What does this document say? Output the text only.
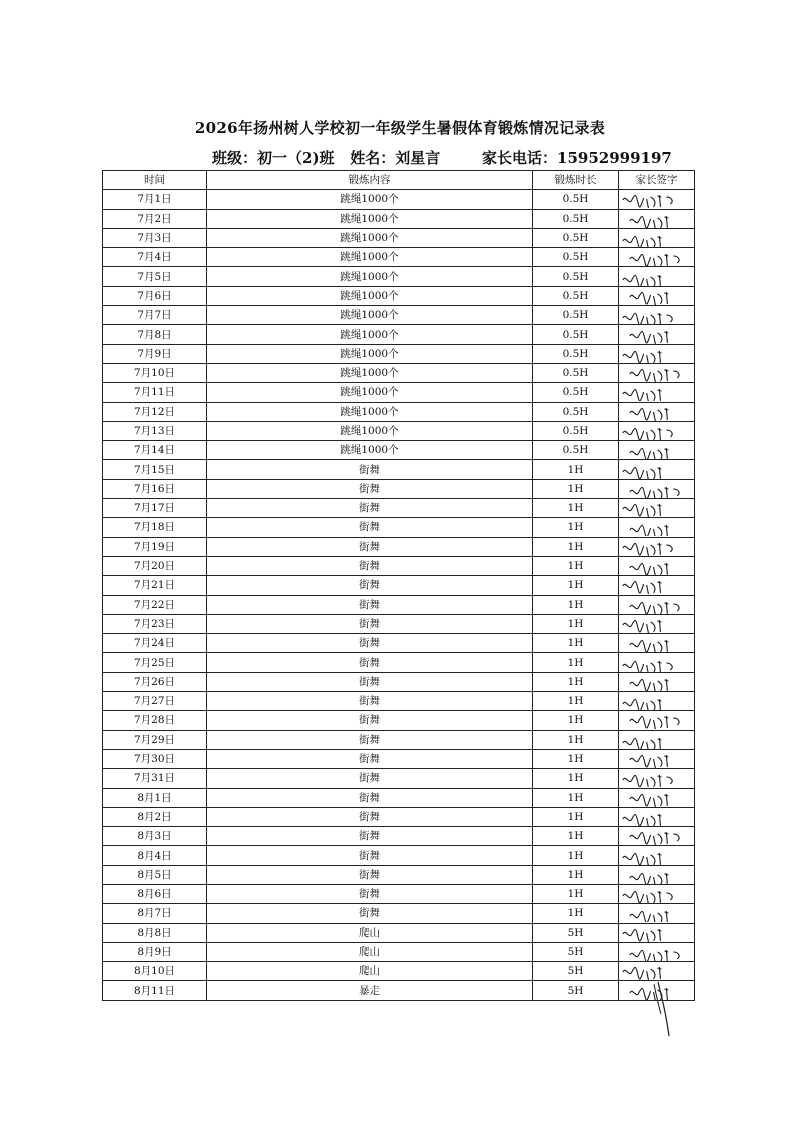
2026年扬州树人学校初一年级学生暑假体育锻炼情况记录表
班级：初一（2)班 姓名：刘星言	家长电话：15952999197
时间	锻炼内容	锻炼时长	家长签字
7月1日	跳绳1000个	0.5H	

7月2日	跳绳1000个	0.5H	

7月3日	跳绳1000个	0.5H	

7月4日	跳绳1000个	0.5H	

7月5日	跳绳1000个	0.5H	

7月6日	跳绳1000个	0.5H	

7月7日	跳绳1000个	0.5H	

7月8日	跳绳1000个	0.5H	

7月9日	跳绳1000个	0.5H	

7月10日	跳绳1000个	0.5H	

7月11日	跳绳1000个	0.5H	

7月12日	跳绳1000个	0.5H	

7月13日	跳绳1000个	0.5H	

7月14日	跳绳1000个	0.5H	

7月15日	街舞	1H	

7月16日	街舞	1H	

7月17日	街舞	1H	

7月18日	街舞	1H	

7月19日	街舞	1H	

7月20日	街舞	1H	

7月21日	街舞	1H	

7月22日	街舞	1H	

7月23日	街舞	1H	

7月24日	街舞	1H	

7月25日	街舞	1H	

7月26日	街舞	1H	

7月27日	街舞	1H	

7月28日	街舞	1H	

7月29日	街舞	1H	

7月30日	街舞	1H	

7月31日	街舞	1H	

8月1日	街舞	1H	

8月2日	街舞	1H	

8月3日	街舞	1H	

8月4日	街舞	1H	

8月5日	街舞	1H	

8月6日	街舞	1H	

8月7日	街舞	1H	

8月8日	爬山	5H	

8月9日	爬山	5H	

8月10日	爬山	5H	

8月11日	暴走	5H	
